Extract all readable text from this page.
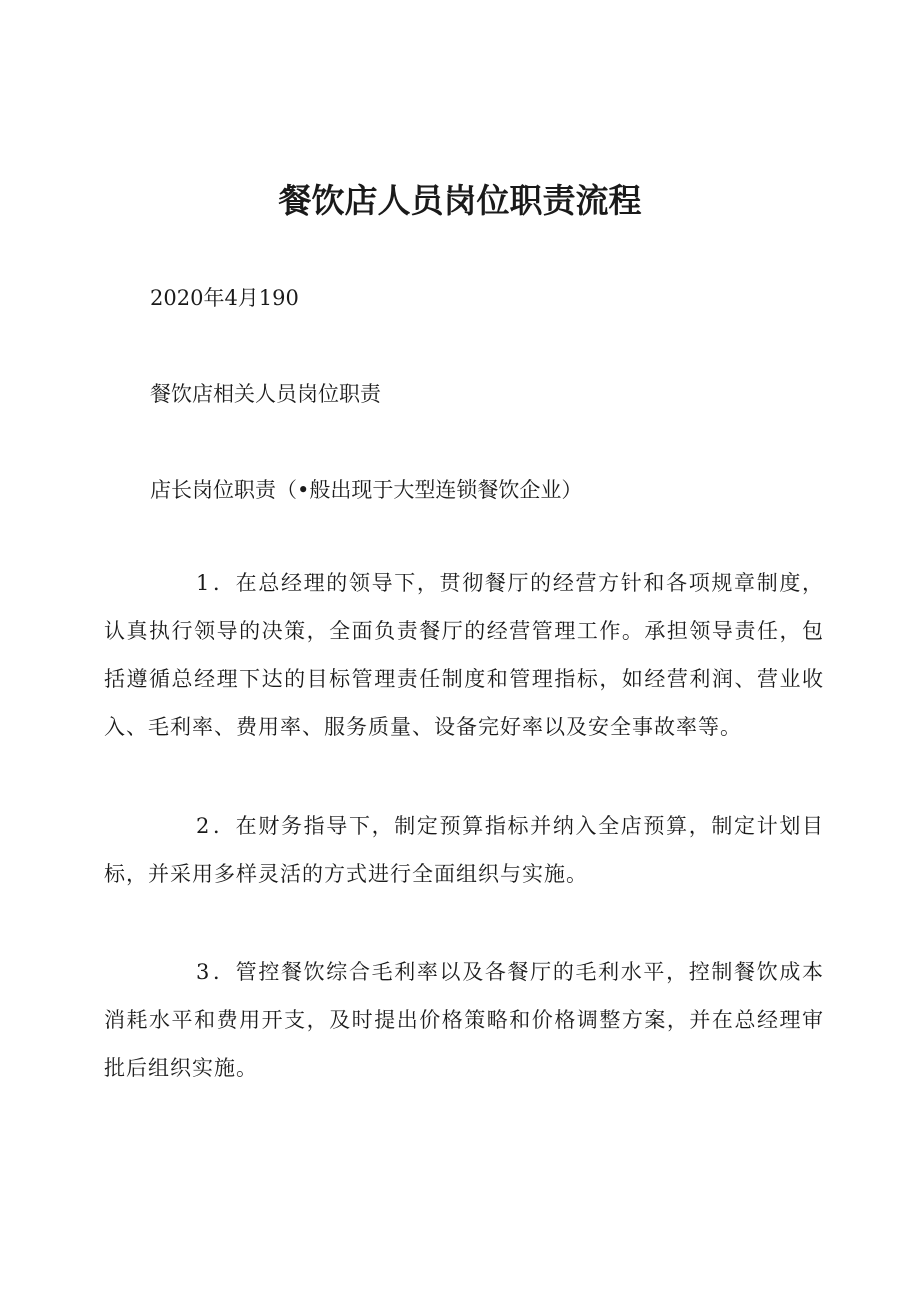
餐饮店人员岗位职责流程

2020年4月190

餐饮店相关人员岗位职责

店长岗位职责（•般出现于大型连锁餐饮企业）

1．在总经理的领导下，贯彻餐厅的经营方针和各项规章制度，认真执行领导的决策，全面负责餐厅的经营管理工作。承担领导责任，包括遵循总经理下达的目标管理责任制度和管理指标，如经营利润、营业收入、毛利率、费用率、服务质量、设备完好率以及安全事故率等。

2．在财务指导下，制定预算指标并纳入全店预算，制定计划目标，并采用多样灵活的方式进行全面组织与实施。

3．管控餐饮综合毛利率以及各餐厅的毛利水平，控制餐饮成本消耗水平和费用开支，及时提出价格策略和价格调整方案，并在总经理审批后组织实施。
